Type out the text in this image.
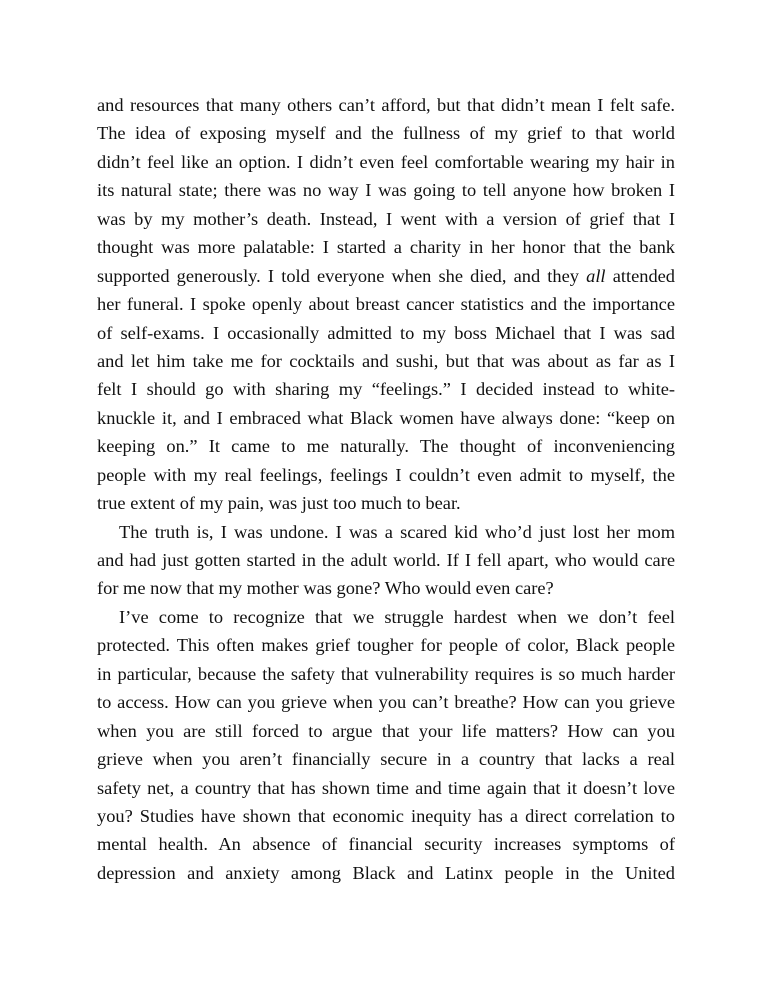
and resources that many others can’t afford, but that didn’t mean I felt safe.
The idea of exposing myself and the fullness of my grief to that world
didn’t feel like an option. I didn’t even feel comfortable wearing my hair in
its natural state; there was no way I was going to tell anyone how broken I
was by my mother’s death. Instead, I went with a version of grief that I
thought was more palatable: I started a charity in her honor that the bank
supported generously. I told everyone when she died, and they all attended
her funeral. I spoke openly about breast cancer statistics and the importance
of self-exams. I occasionally admitted to my boss Michael that I was sad
and let him take me for cocktails and sushi, but that was about as far as I
felt I should go with sharing my “feelings.” I decided instead to white-
knuckle it, and I embraced what Black women have always done: “keep on
keeping on.” It came to me naturally. The thought of inconveniencing
people with my real feelings, feelings I couldn’t even admit to myself, the
true extent of my pain, was just too much to bear.
The truth is, I was undone. I was a scared kid who’d just lost her mom
and had just gotten started in the adult world. If I fell apart, who would care
for me now that my mother was gone? Who would even care?
I’ve come to recognize that we struggle hardest when we don’t feel
protected. This often makes grief tougher for people of color, Black people
in particular, because the safety that vulnerability requires is so much harder
to access. How can you grieve when you can’t breathe? How can you grieve
when you are still forced to argue that your life matters? How can you
grieve when you aren’t financially secure in a country that lacks a real
safety net, a country that has shown time and time again that it doesn’t love
you? Studies have shown that economic inequity has a direct correlation to
mental health. An absence of financial security increases symptoms of
depression and anxiety among Black and Latinx people in the United
